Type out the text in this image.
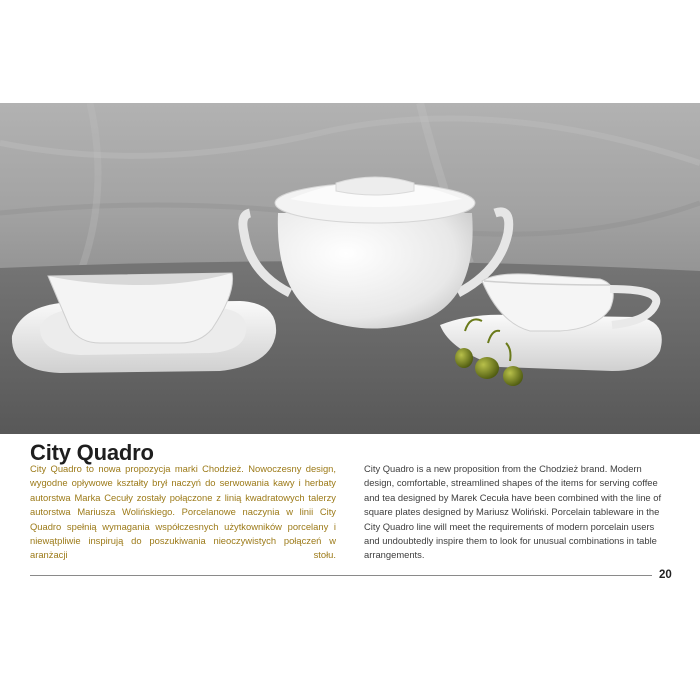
City Quadro

City Quadro to nowa propozycja marki Chodzież. Nowoczesny design, wygodne opływowe kształty brył naczyń do serwowania kawy i herbaty autorstwa Marka Cecuły zostały połączone z linią kwadratowych talerzy autorstwa Mariusza Wolińskiego. Porcelanowe naczynia w linii City Quadro spełnią wymagania współczesnych użytkowników porcelany i niewątpliwie inspirują do poszukiwania nieoczywistych połączeń w aranżacji stołu.

City Quadro is a new proposition from the Chodzież brand. Modern design, comfortable, streamlined shapes of the items for serving coffee and tea designed by Marek Cecuła have been combined with the line of square plates designed by Mariusz Woliński. Porcelain tableware in the City Quadro line will meet the requirements of modern porcelain users and undoubtedly inspire them to look for unusual combinations in table arrangements.

20
